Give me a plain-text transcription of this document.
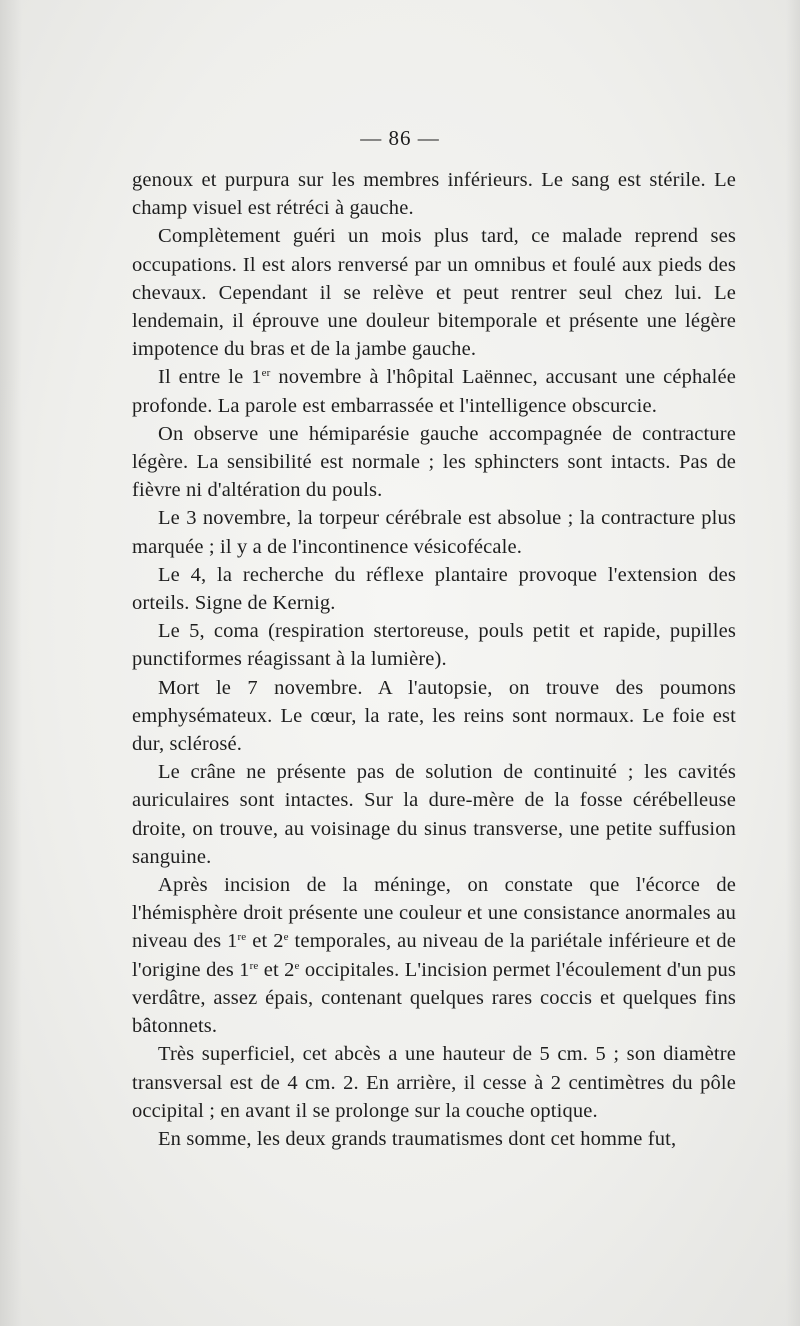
— 86 —

genoux et purpura sur les membres inférieurs. Le sang est stérile. Le champ visuel est rétréci à gauche.

Complètement guéri un mois plus tard, ce malade reprend ses occupations. Il est alors renversé par un omnibus et foulé aux pieds des chevaux. Cependant il se relève et peut rentrer seul chez lui. Le lendemain, il éprouve une douleur bitemporale et présente une légère impotence du bras et de la jambe gauche.

Il entre le 1er novembre à l'hôpital Laënnec, accusant une céphalée profonde. La parole est embarrassée et l'intelligence obscurcie.

On observe une hémiparésie gauche accompagnée de contracture légère. La sensibilité est normale ; les sphincters sont intacts. Pas de fièvre ni d'altération du pouls.

Le 3 novembre, la torpeur cérébrale est absolue ; la contracture plus marquée ; il y a de l'incontinence vésicofécale.

Le 4, la recherche du réflexe plantaire provoque l'extension des orteils. Signe de Kernig.

Le 5, coma (respiration stertoreuse, pouls petit et rapide, pupilles punctiformes réagissant à la lumière).

Mort le 7 novembre. A l'autopsie, on trouve des poumons emphysémateux. Le cœur, la rate, les reins sont normaux. Le foie est dur, sclérosé.

Le crâne ne présente pas de solution de continuité ; les cavités auriculaires sont intactes. Sur la dure-mère de la fosse cérébelleuse droite, on trouve, au voisinage du sinus transverse, une petite suffusion sanguine.

Après incision de la méninge, on constate que l'écorce de l'hémisphère droit présente une couleur et une consistance anormales au niveau des 1re et 2e temporales, au niveau de la pariétale inférieure et de l'origine des 1re et 2e occipitales. L'incision permet l'écoulement d'un pus verdâtre, assez épais, contenant quelques rares coccis et quelques fins bâtonnets.

Très superficiel, cet abcès a une hauteur de 5 cm. 5 ; son diamètre transversal est de 4 cm. 2. En arrière, il cesse à 2 centimètres du pôle occipital ; en avant il se prolonge sur la couche optique.

En somme, les deux grands traumatismes dont cet homme fut,
